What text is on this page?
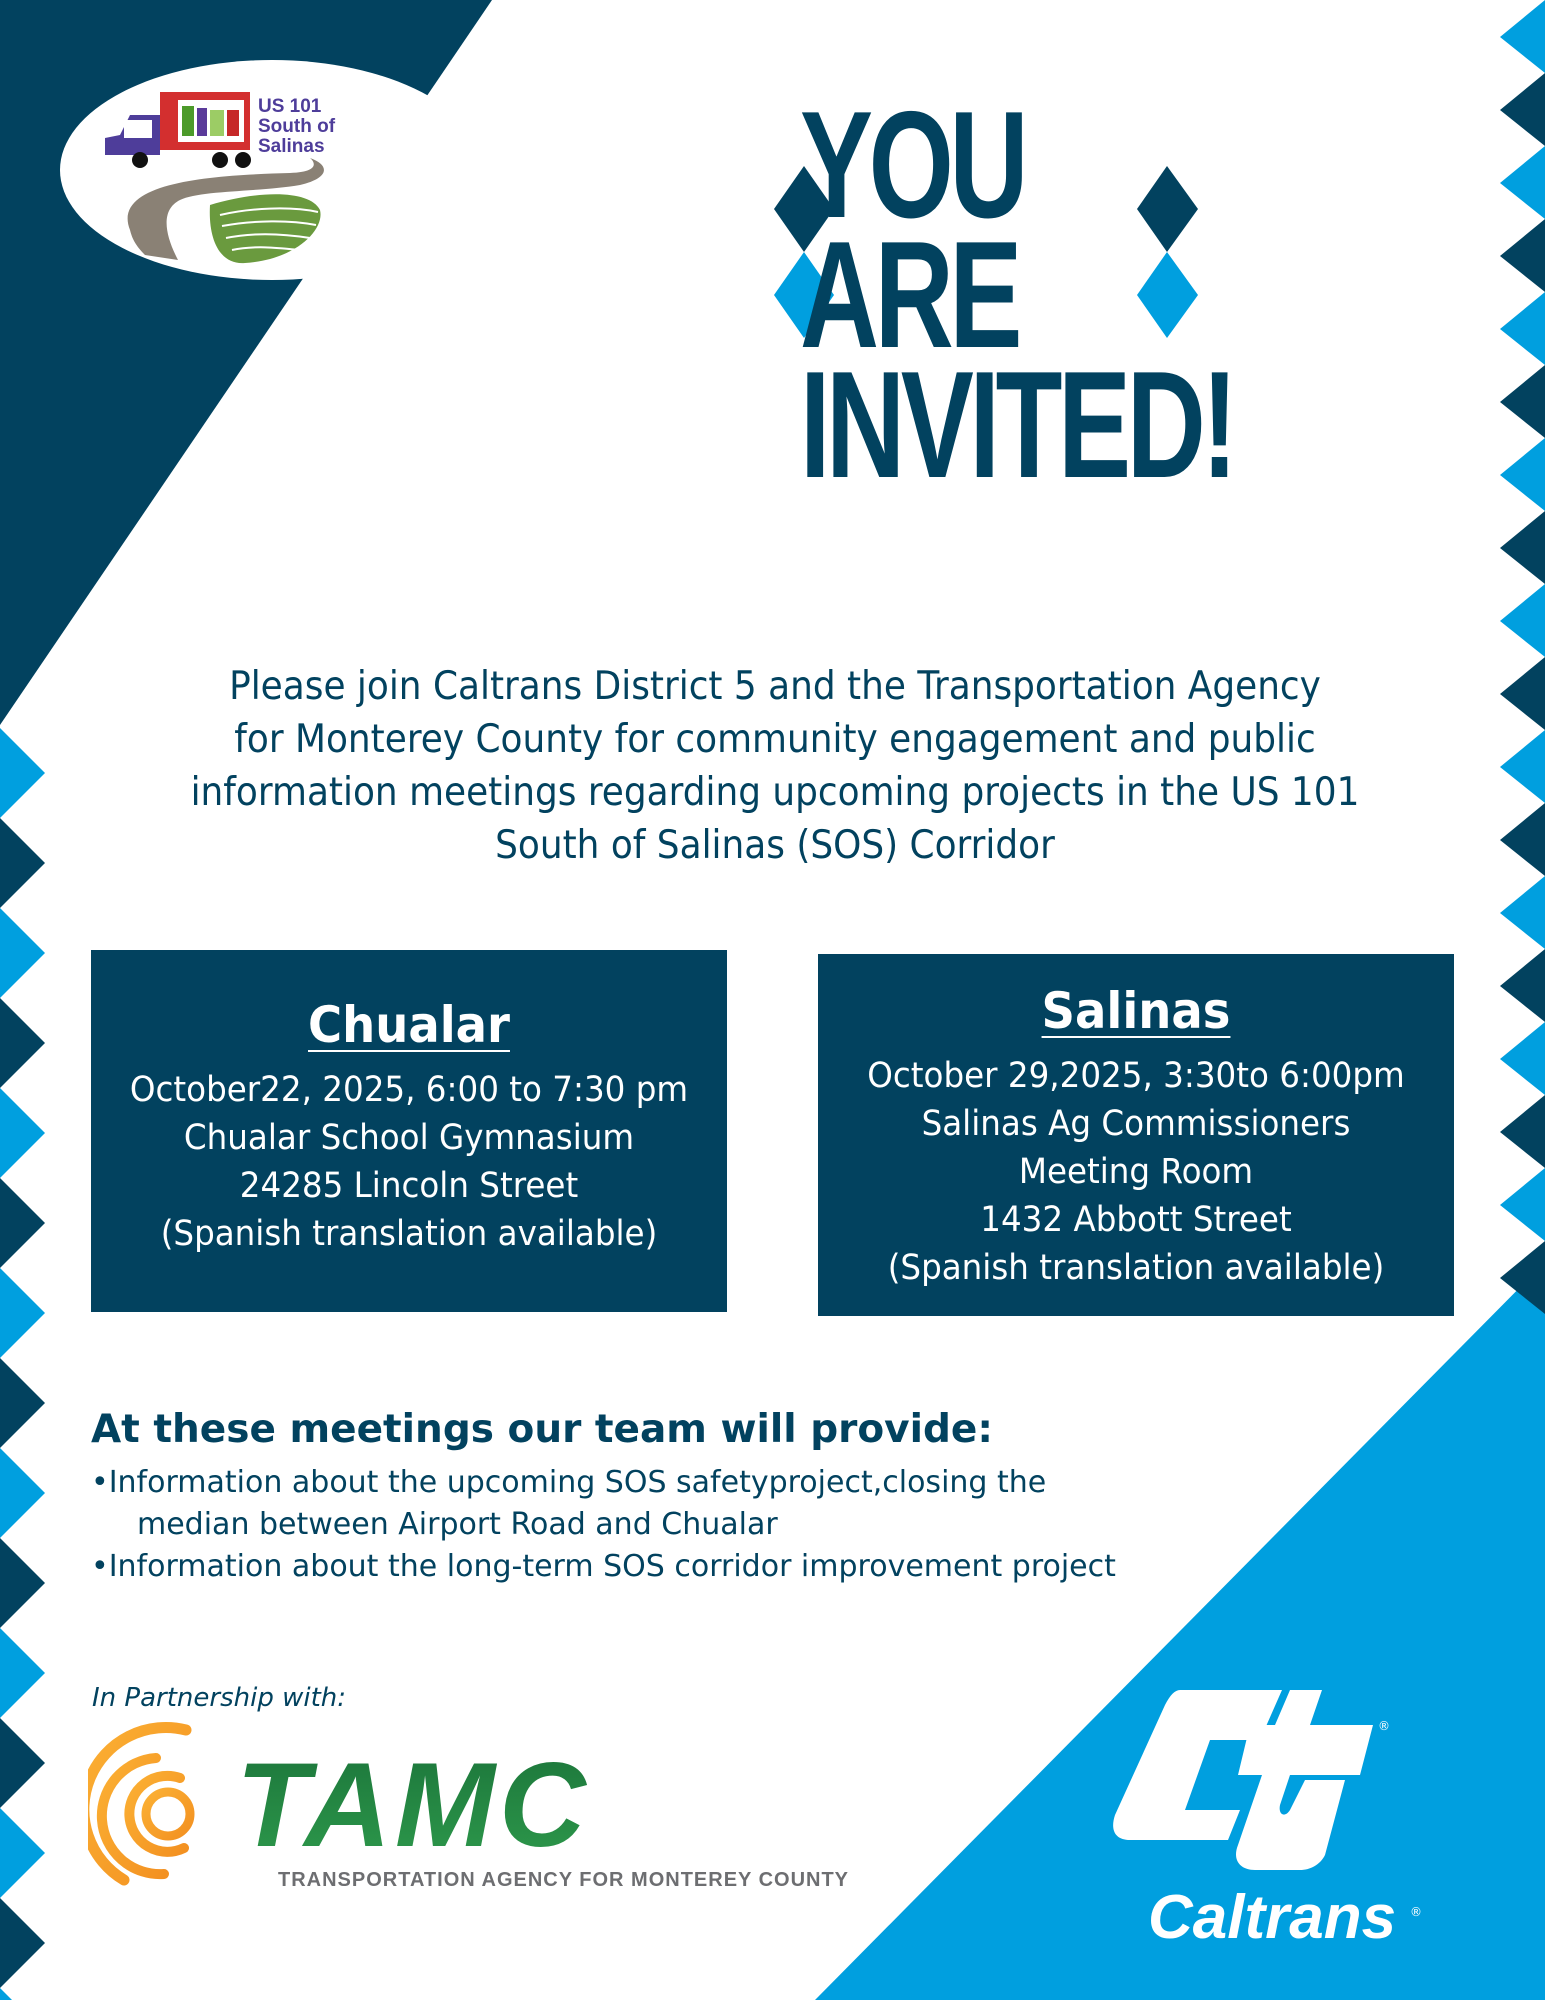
US 101
South of
Salinas	YOU
ARE
INVITED!
Please join Caltrans District 5 and the Transportation Agency
for Monterey County for community engagement and public
information meetings regarding upcoming projects in the US 101
South of Salinas (SOS) Corridor
Chualar
October22, 2025, 6:00 to 7:30 pm
Chualar School Gymnasium
24285 Lincoln Street
(Spanish translation available)
Salinas
October 29,2025, 3:30to 6:00pm
Salinas Ag Commissioners
Meeting Room
1432 Abbott Street
(Spanish translation available)
At these meetings our team will provide:
•Information about the upcoming SOS safetyproject,closing the
median between Airport Road and Chualar
•Information about the long-term SOS corridor improvement project
In Partnership with:
TAMC
TRANSPORTATION AGENCY FOR MONTEREY COUNTY
®
Caltrans ®
